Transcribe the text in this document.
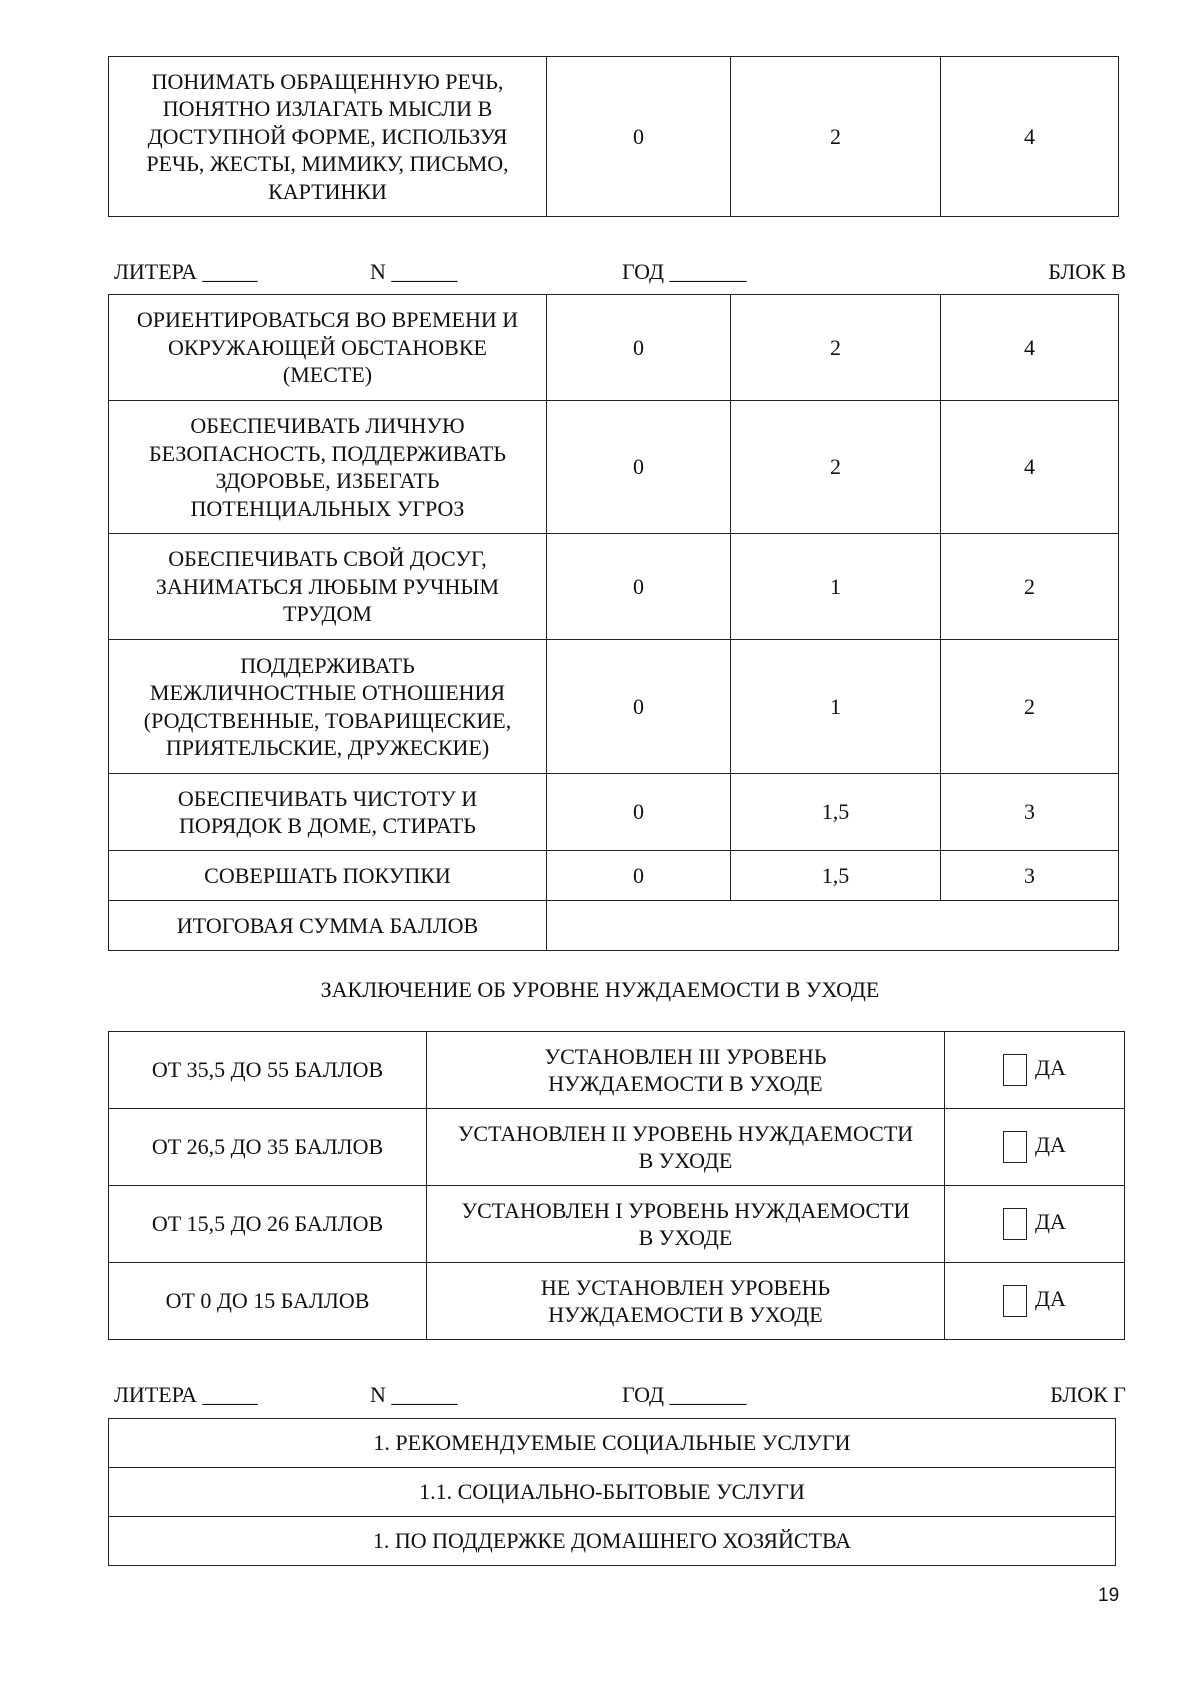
ПОНИМАТЬ ОБРАЩЕННУЮ РЕЧЬ,
ПОНЯТНО ИЗЛАГАТЬ МЫСЛИ В
ДОСТУПНОЙ ФОРМЕ, ИСПОЛЬЗУЯ
РЕЧЬ, ЖЕСТЫ, МИМИКУ, ПИСЬМО,
КАРТИНКИ	0	2	4
ЛИТЕРА _____	N ______	ГОД _______	БЛОК В
ОРИЕНТИРОВАТЬСЯ ВО ВРЕМЕНИ И
ОКРУЖАЮЩЕЙ ОБСТАНОВКЕ
(МЕСТЕ)	0	2	4
ОБЕСПЕЧИВАТЬ ЛИЧНУЮ
БЕЗОПАСНОСТЬ, ПОДДЕРЖИВАТЬ
ЗДОРОВЬЕ, ИЗБЕГАТЬ
ПОТЕНЦИАЛЬНЫХ УГРОЗ	0	2	4
ОБЕСПЕЧИВАТЬ СВОЙ ДОСУГ,
ЗАНИМАТЬСЯ ЛЮБЫМ РУЧНЫМ
ТРУДОМ	0	1	2
ПОДДЕРЖИВАТЬ
МЕЖЛИЧНОСТНЫЕ ОТНОШЕНИЯ
(РОДСТВЕННЫЕ, ТОВАРИЩЕСКИЕ,
ПРИЯТЕЛЬСКИЕ, ДРУЖЕСКИЕ)	0	1	2
ОБЕСПЕЧИВАТЬ ЧИСТОТУ И
ПОРЯДОК В ДОМЕ, СТИРАТЬ	0	1,5	3
СОВЕРШАТЬ ПОКУПКИ	0	1,5	3
ИТОГОВАЯ СУММА БАЛЛОВ			
ЗАКЛЮЧЕНИЕ ОБ УРОВНЕ НУЖДАЕМОСТИ В УХОДЕ
ОТ 35,5 ДО 55 БАЛЛОВ	УСТАНОВЛЕН III УРОВЕНЬ
НУЖДАЕМОСТИ В УХОДЕ	ДА
ОТ 26,5 ДО 35 БАЛЛОВ	УСТАНОВЛЕН II УРОВЕНЬ НУЖДАЕМОСТИ
В УХОДЕ	ДА
ОТ 15,5 ДО 26 БАЛЛОВ	УСТАНОВЛЕН I УРОВЕНЬ НУЖДАЕМОСТИ
В УХОДЕ	ДА
ОТ 0 ДО 15 БАЛЛОВ	НЕ УСТАНОВЛЕН УРОВЕНЬ
НУЖДАЕМОСТИ В УХОДЕ	ДА
ЛИТЕРА _____	N ______	ГОД _______	БЛОК Г
1. РЕКОМЕНДУЕМЫЕ СОЦИАЛЬНЫЕ УСЛУГИ
1.1. СОЦИАЛЬНО-БЫТОВЫЕ УСЛУГИ
1. ПО ПОДДЕРЖКЕ ДОМАШНЕГО ХОЗЯЙСТВА
19
